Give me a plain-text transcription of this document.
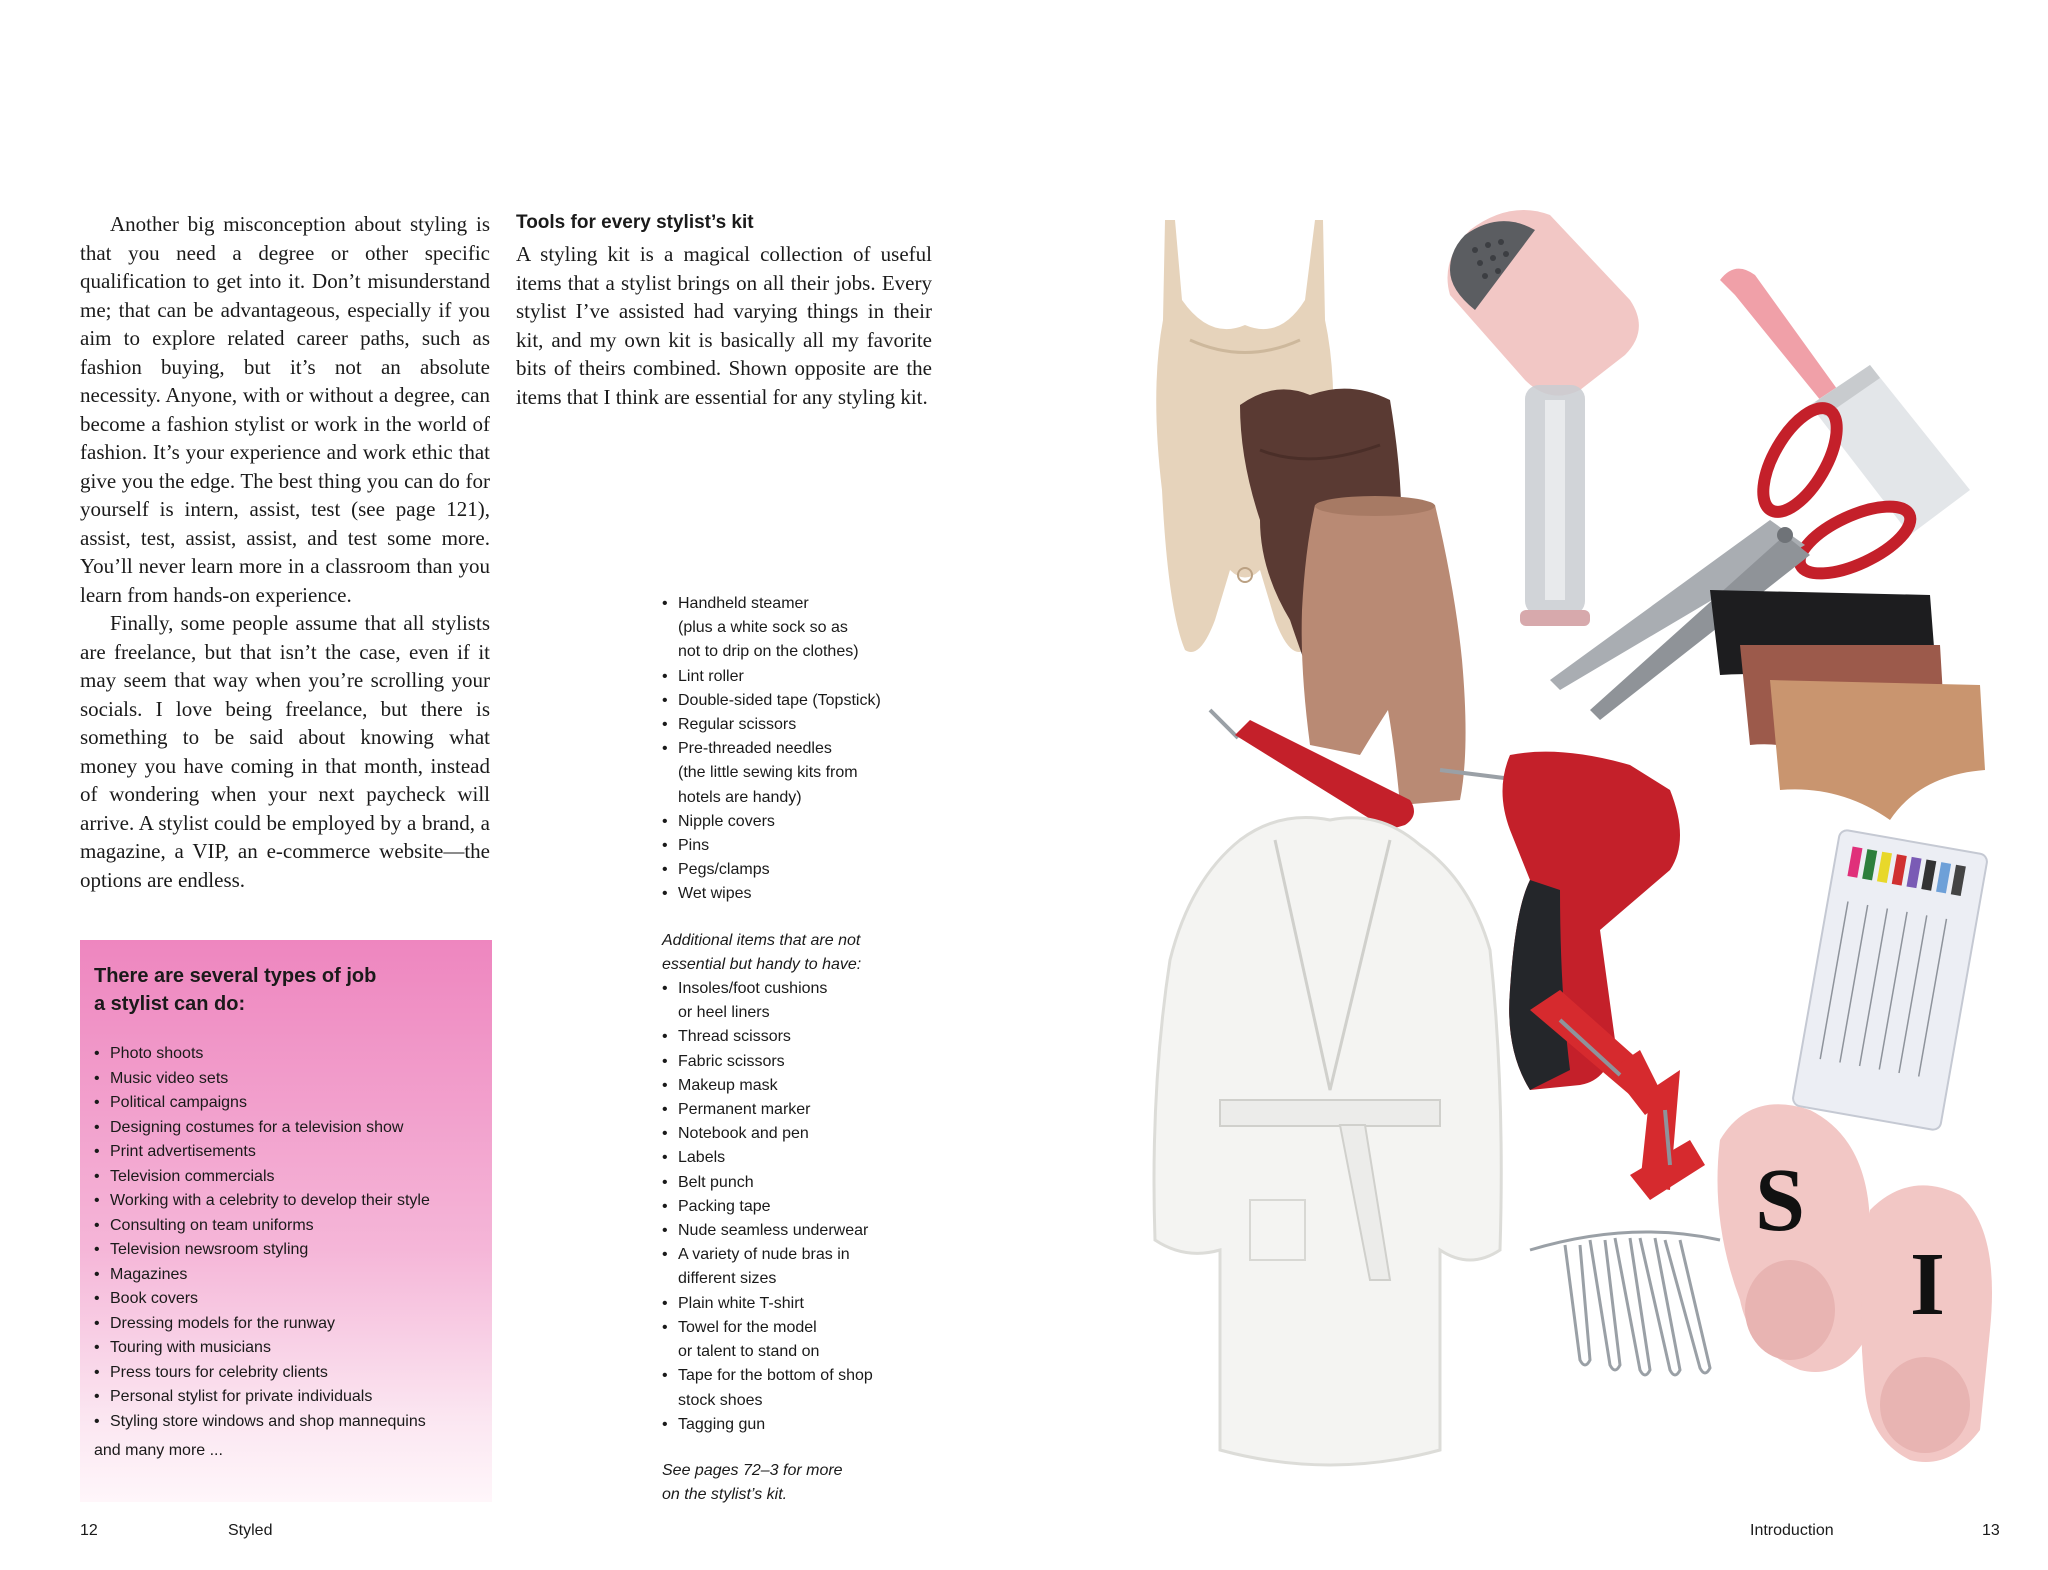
Another big misconception about styling is that you need a degree or other specific qualification to get into it. Don’t misunderstand me; that can be advantageous, especially if you aim to explore related career paths, such as fashion buying, but it’s not an absolute necessity. Anyone, with or without a degree, can become a fashion stylist or work in the world of fashion. It’s your experience and work ethic that give you the edge. The best thing you can do for yourself is intern, assist, test (see page 121), assist, test, assist, assist, and test some more. You’ll never learn more in a classroom than you learn from hands-on experience.

Finally, some people assume that all stylists are freelance, but that isn’t the case, even if it may seem that way when you’re scrolling your socials. I love being freelance, but there is something to be said about knowing what money you have coming in that month, instead of wondering when your next paycheck will arrive. A stylist could be employed by a brand, a magazine, a VIP, an e-commerce website—the options are endless.

Tools for every stylist’s kit

A styling kit is a magical collection of useful items that a stylist brings on all their jobs. Every stylist I’ve assisted had varying things in their kit, and my own kit is basically all my favorite bits of theirs combined. Shown opposite are the items that I think are essential for any styling kit.

• Handheld steamer
(plus a white sock so as
not to drip on the clothes)
• Lint roller
• Double-sided tape (Topstick)
• Regular scissors
• Pre-threaded needles
(the little sewing kits from
hotels are handy)
• Nipple covers
• Pins
• Pegs/clamps
• Wet wipes
Additional items that are not
essential but handy to have:
• Insoles/foot cushions
or heel liners
• Thread scissors
• Fabric scissors
• Makeup mask
• Permanent marker
• Notebook and pen
• Labels
• Belt punch
• Packing tape
• Nude seamless underwear
• A variety of nude bras in
different sizes
• Plain white T-shirt
• Towel for the model
or talent to stand on
• Tape for the bottom of shop
stock shoes
• Tagging gun
See pages 72–3 for more
on the stylist’s kit.
There are several types of job
a stylist can do:
• Photo shoots
• Music video sets
• Political campaigns
• Designing costumes for a television show
• Print advertisements
• Television commercials
• Working with a celebrity to develop their style
• Consulting on team uniforms
• Television newsroom styling
• Magazines
• Book covers
• Dressing models for the runway
• Touring with musicians
• Press tours for celebrity clients
• Personal stylist for private individuals
• Styling store windows and shop mannequins
and many more ...
12	Styled	Introduction	13
S
I
